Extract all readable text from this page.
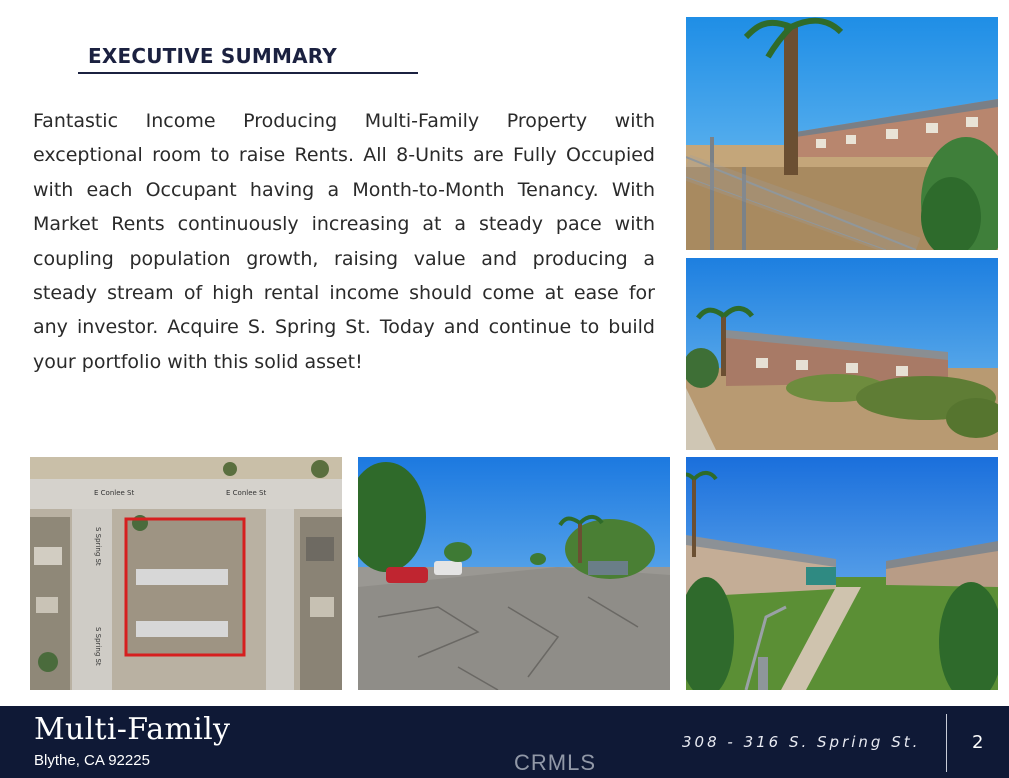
EXECUTIVE SUMMARY

Fantastic Income Producing Multi-Family Property with exceptional room to raise Rents. All 8-Units are Fully Occupied with each Occupant having a Month-to-Month Tenancy. With Market Rents continuously increasing at a steady pace with coupling population growth, raising value and producing a steady stream of high rental income should come at ease for any investor. Acquire S. Spring St. Today and continue to build your portfolio with this solid asset!

E Conlee St	E Conlee St
S Spring St
S Spring St
Multi-Family
Blythe, CA 92225
308 - 316 S. Spring St.	2
CRMLS
